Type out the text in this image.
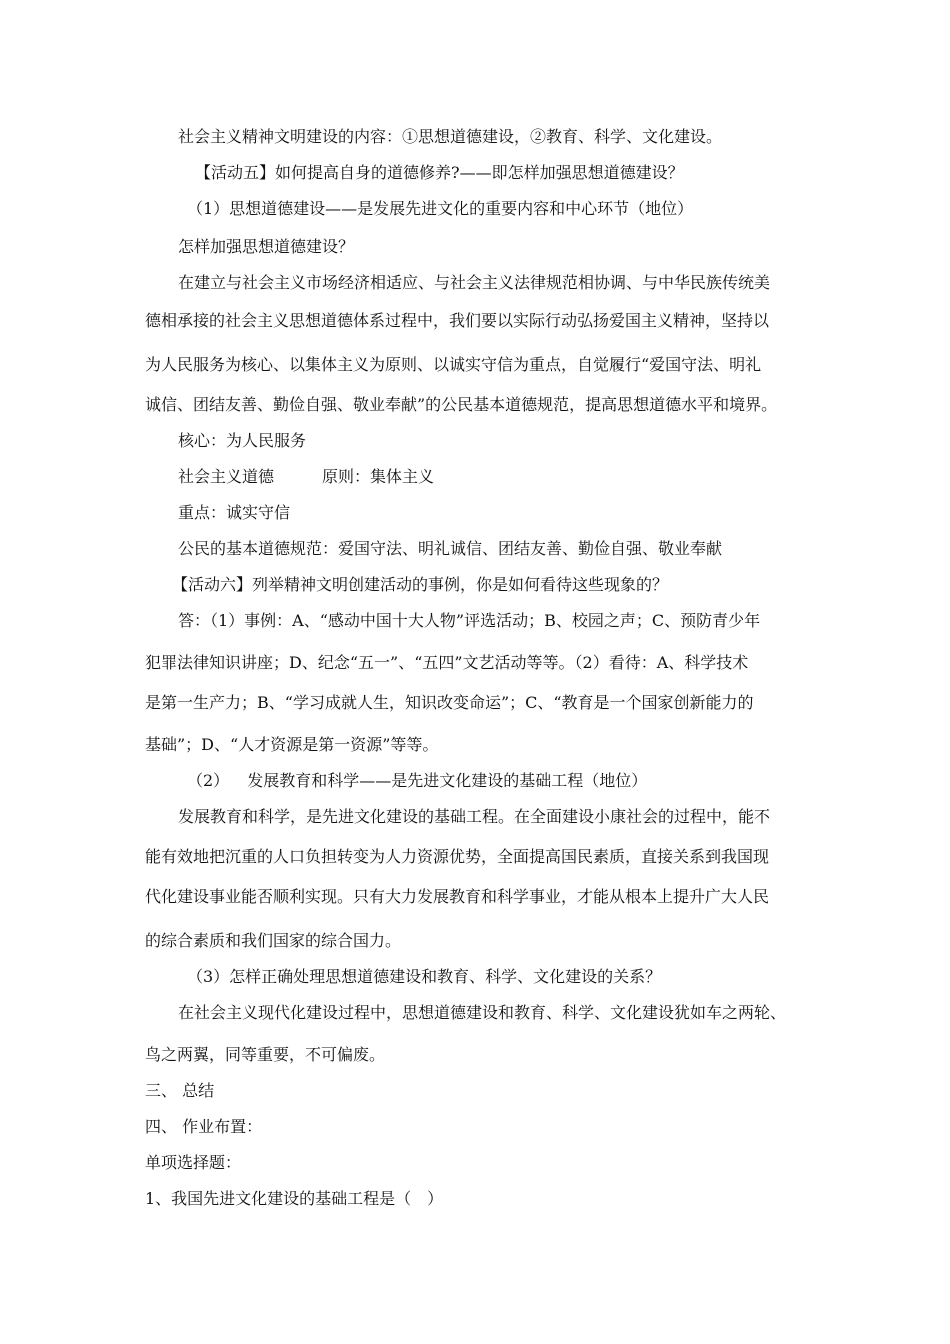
社会主义精神文明建设的内容：①思想道德建设，②教育、科学、文化建设。
【活动五】如何提高自身的道德修养?——即怎样加强思想道德建设？
（1）思想道德建设——是发展先进文化的重要内容和中心环节（地位）
怎样加强思想道德建设？
在建立与社会主义市场经济相适应、与社会主义法律规范相协调、与中华民族传统美
德相承接的社会主义思想道德体系过程中，我们要以实际行动弘扬爱国主义精神，坚持以
为人民服务为核心、以集体主义为原则、以诚实守信为重点，自觉履行“爱国守法、明礼
诚信、团结友善、勤俭自强、敬业奉献”的公民基本道德规范，提高思想道德水平和境界。
核心：为人民服务
社会主义道德	原则：集体主义
重点：诚实守信
公民的基本道德规范：爱国守法、明礼诚信、团结友善、勤俭自强、敬业奉献
【活动六】列举精神文明创建活动的事例，你是如何看待这些现象的？
答：（1）事例：A、“感动中国十大人物”评选活动；B、校园之声；C、预防青少年
犯罪法律知识讲座；D、纪念“五一”、“五四”文艺活动等等。（2）看待：A、科学技术
是第一生产力；B、“学习成就人生，知识改变命运”；C、“教育是一个国家创新能力的
基础”；D、“人才资源是第一资源”等等。
（2） 发展教育和科学——是先进文化建设的基础工程（地位）
发展教育和科学，是先进文化建设的基础工程。在全面建设小康社会的过程中，能不
能有效地把沉重的人口负担转变为人力资源优势，全面提高国民素质，直接关系到我国现
代化建设事业能否顺利实现。只有大力发展教育和科学事业，才能从根本上提升广大人民
的综合素质和我们国家的综合国力。
（3）怎样正确处理思想道德建设和教育、科学、文化建设的关系？
在社会主义现代化建设过程中，思想道德建设和教育、科学、文化建设犹如车之两轮、
鸟之两翼，同等重要，不可偏废。
三、 总结
四、 作业布置：
单项选择题：
1、我国先进文化建设的基础工程是（　）
